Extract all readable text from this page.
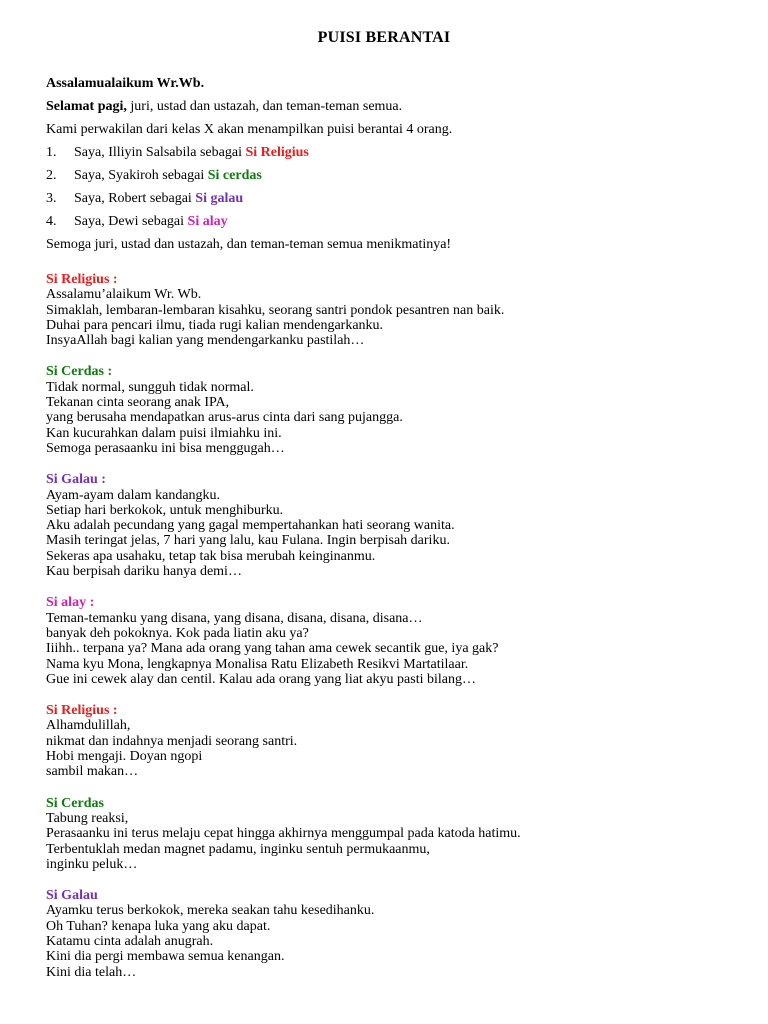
PUISI BERANTAI
Assalamualaikum Wr.Wb.
Selamat pagi, juri, ustad dan ustazah, dan teman-teman semua.
Kami perwakilan dari kelas X akan menampilkan puisi berantai 4 orang.
1.	Saya, Illiyin Salsabila sebagai Si Religius
2.	Saya, Syakiroh sebagai Si cerdas
3.	Saya, Robert sebagai Si galau
4.	Saya, Dewi sebagai Si alay
Semoga juri, ustad dan ustazah, dan teman-teman semua menikmatinya!
Si Religius :
Assalamu’alaikum Wr. Wb.
Simaklah, lembaran-lembaran kisahku, seorang santri pondok pesantren nan baik.
Duhai para pencari ilmu, tiada rugi kalian mendengarkanku.
InsyaAllah bagi kalian yang mendengarkanku pastilah…
Si Cerdas :
Tidak normal, sungguh tidak normal.
Tekanan cinta seorang anak IPA,
yang berusaha mendapatkan arus-arus cinta dari sang pujangga.
Kan kucurahkan dalam puisi ilmiahku ini.
Semoga perasaanku ini bisa menggugah…
Si Galau :
Ayam-ayam dalam kandangku.
Setiap hari berkokok, untuk menghiburku.
Aku adalah pecundang yang gagal mempertahankan hati seorang wanita.
Masih teringat jelas, 7 hari yang lalu, kau Fulana. Ingin berpisah dariku.
Sekeras apa usahaku, tetap tak bisa merubah keinginanmu.
Kau berpisah dariku hanya demi…
Si alay :
Teman-temanku yang disana, yang disana, disana, disana, disana…
banyak deh pokoknya. Kok pada liatin aku ya?
Iiihh.. terpana ya? Mana ada orang yang tahan ama cewek secantik gue, iya gak?
Nama kyu Mona, lengkapnya Monalisa Ratu Elizabeth Resikvi Martatilaar.
Gue ini cewek alay dan centil. Kalau ada orang yang liat akyu pasti bilang…
Si Religius :
Alhamdulillah,
nikmat dan indahnya menjadi seorang santri.
Hobi mengaji. Doyan ngopi
sambil makan…
Si Cerdas
Tabung reaksi,
Perasaanku ini terus melaju cepat hingga akhirnya menggumpal pada katoda hatimu.
Terbentuklah medan magnet padamu, inginku sentuh permukaanmu,
inginku peluk…
Si Galau
Ayamku terus berkokok, mereka seakan tahu kesedihanku.
Oh Tuhan? kenapa luka yang aku dapat.
Katamu cinta adalah anugrah.
Kini dia pergi membawa semua kenangan.
Kini dia telah…
